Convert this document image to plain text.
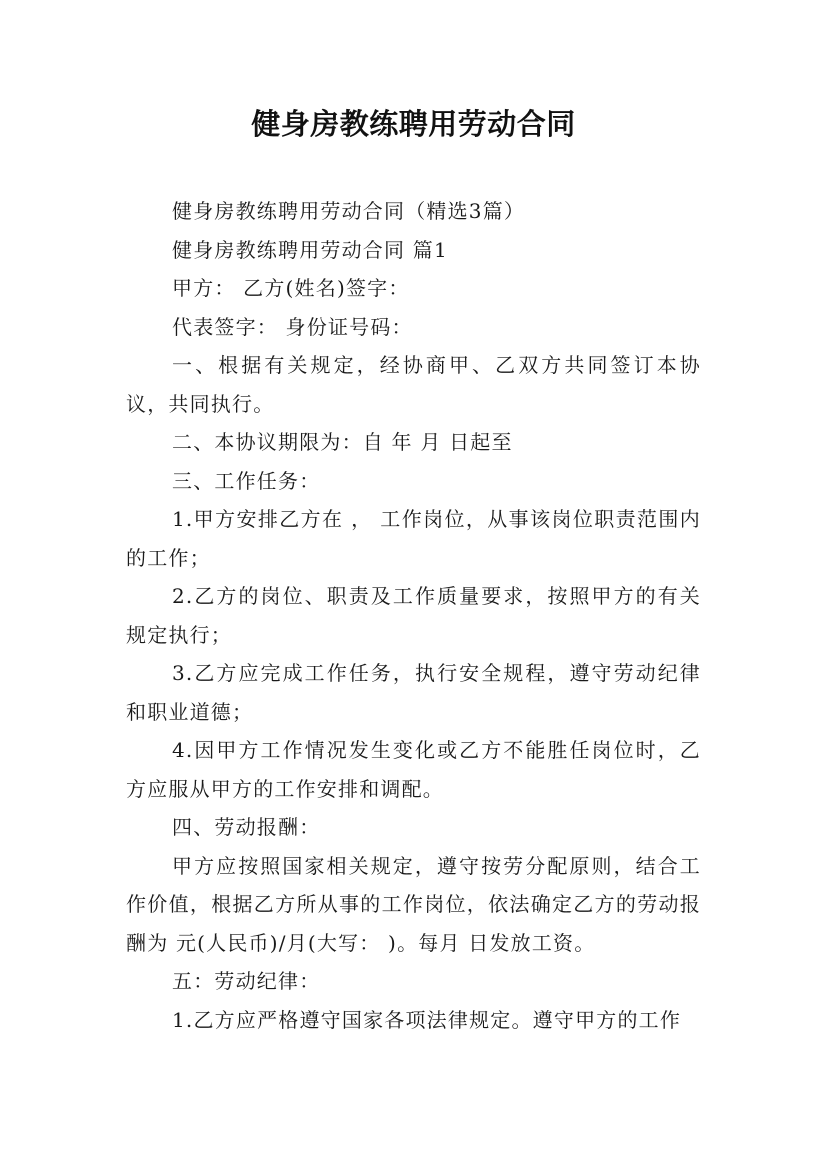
健身房教练聘用劳动合同

健身房教练聘用劳动合同（精选3篇）

健身房教练聘用劳动合同 篇1

甲方： 乙方(姓名)签字：

代表签字： 身份证号码：

一、根据有关规定，经协商甲、乙双方共同签订本协议，共同执行。

二、本协议期限为：自 年 月 日起至

三、工作任务：

1.甲方安排乙方在 ， 工作岗位，从事该岗位职责范围内的工作；

2.乙方的岗位、职责及工作质量要求，按照甲方的有关规定执行；

3.乙方应完成工作任务，执行安全规程，遵守劳动纪律和职业道德；

4.因甲方工作情况发生变化或乙方不能胜任岗位时，乙方应服从甲方的工作安排和调配。

四、劳动报酬：

甲方应按照国家相关规定，遵守按劳分配原则，结合工作价值，根据乙方所从事的工作岗位，依法确定乙方的劳动报酬为 元(人民币)/月(大写： )。每月 日发放工资。

五：劳动纪律：

1.乙方应严格遵守国家各项法律规定。遵守甲方的工作
